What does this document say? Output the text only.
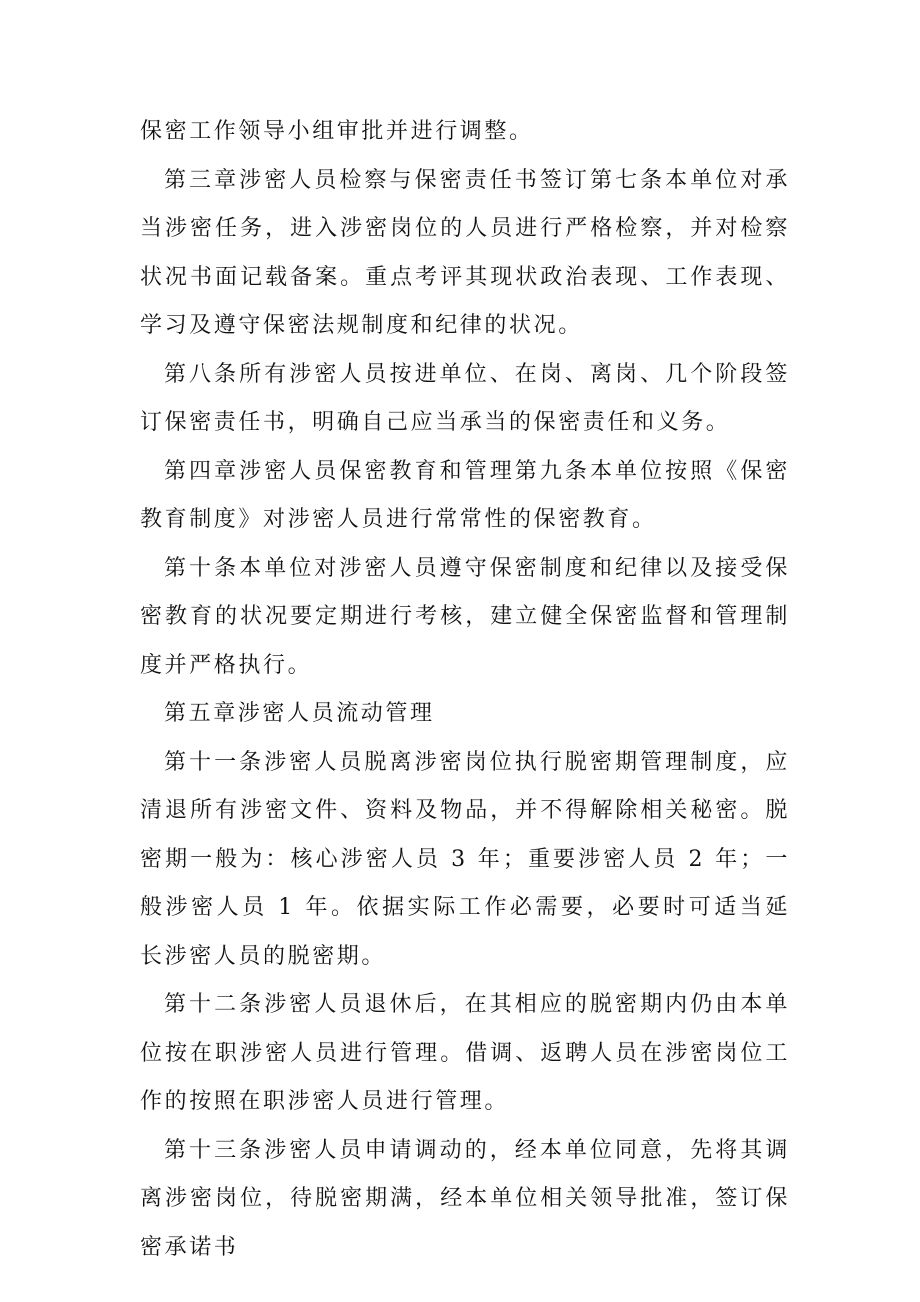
保密工作领导小组审批并进行调整。

第三章涉密人员检察与保密责任书签订第七条本单位对承当涉密任务，进入涉密岗位的人员进行严格检察，并对检察状况书面记载备案。重点考评其现状政治表现、工作表现、学习及遵守保密法规制度和纪律的状况。

第八条所有涉密人员按进单位、在岗、离岗、几个阶段签订保密责任书，明确自己应当承当的保密责任和义务。

第四章涉密人员保密教育和管理第九条本单位按照《保密教育制度》对涉密人员进行常常性的保密教育。

第十条本单位对涉密人员遵守保密制度和纪律以及接受保密教育的状况要定期进行考核，建立健全保密监督和管理制度并严格执行。

第五章涉密人员流动管理

第十一条涉密人员脱离涉密岗位执行脱密期管理制度，应清退所有涉密文件、资料及物品，并不得解除相关秘密。脱密期一般为：核心涉密人员 3 年；重要涉密人员 2 年；一般涉密人员 1 年。依据实际工作必需要，必要时可适当延长涉密人员的脱密期。

第十二条涉密人员退休后，在其相应的脱密期内仍由本单位按在职涉密人员进行管理。借调、返聘人员在涉密岗位工作的按照在职涉密人员进行管理。

第十三条涉密人员申请调动的，经本单位同意，先将其调离涉密岗位，待脱密期满，经本单位相关领导批准，签订保密承诺书
